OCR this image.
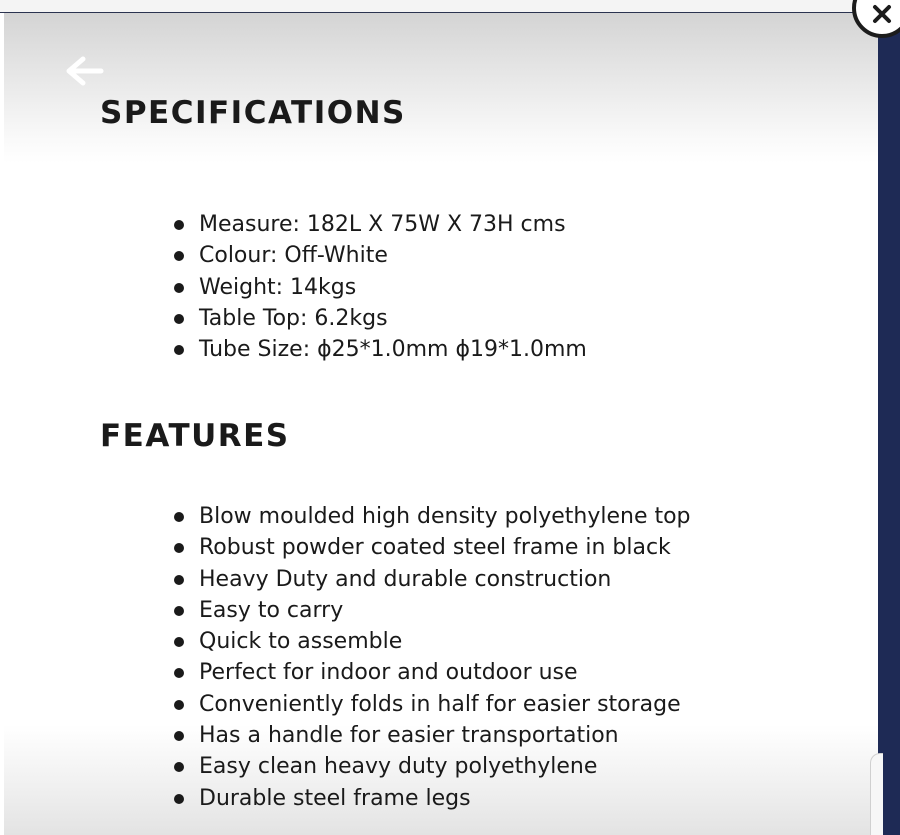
SPECIFICATIONS
Measure: 182L X 75W X 73H cms
Colour: Off-White
Weight: 14kgs
Table Top: 6.2kgs
Tube Size: ϕ25*1.0mm ϕ19*1.0mm
FEATURES
Blow moulded high density polyethylene top
Robust powder coated steel frame in black
Heavy Duty and durable construction
Easy to carry
Quick to assemble
Perfect for indoor and outdoor use
Conveniently folds in half for easier storage
Has a handle for easier transportation
Easy clean heavy duty polyethylene
Durable steel frame legs
